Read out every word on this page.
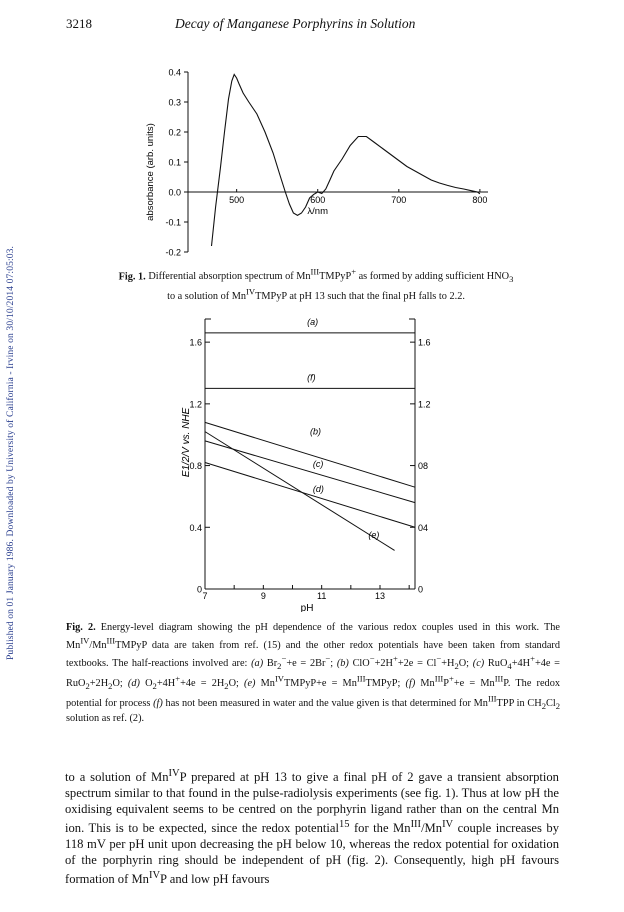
Published on 01 January 1986. Downloaded by University of California - Irvine on 30/10/2014 07:05:03.
3218	Decay of Manganese Porphyrins in Solution
0.4
0.3
0.2
0.1
0.0
-0.1
-0.2
500	600	700	800
λ/nm
absorbance (arb. units)
Fig. 1. Differential absorption spectrum of $Mn^{III}TMPyP^+$ as formed by adding sufficient $HNO_3$
to a solution of $Mn^{IV}TMPyP$ at pH 13 such that the final pH falls to 2.2.
1.6	1.6
1.2	1.2
0.8	08
0.4	04
0	0
7	9	11	13
pH
E1/2/V vs. NHE
(a)
(f)
(b)
(c)
(d)
(e)
Fig. 2. Energy-level diagram showing the pH dependence of the various redox couples used in this work. The $Mn^{IV}/Mn^{III}TMPyP$ data are taken from ref. (15) and the other redox potentials have been taken from standard textbooks. The half-reactions involved are: (a) $Br_2^-+e = 2Br^-$; (b) $ClO^-+2H^++2e = Cl^-+H_2O$; (c) $RuO_4+4H^++4e = RuO_2+2H_2O$; (d) $O_2+4H^++4e = 2H_2O$; (e) $Mn^{IV}TMPyP+e$ = $Mn^{III}TMPyP$; (f) $Mn^{III}P^++e = Mn^{III}P$. The redox potential for process (f) has not been measured in water and the value given is that determined for $Mn^{III}TPP$ in $CH_2Cl_2$ solution as ref. (2).
to a solution of $Mn^{IV}P$ prepared at pH 13 to give a final pH of 2 gave a transient absorption spectrum similar to that found in the pulse-radiolysis experiments (see fig. 1). Thus at low pH the oxidising equivalent seems to be centred on the porphyrin ligand rather than on the central Mn ion. This is to be expected, since the redox potential$^{15}$ for the $Mn^{III}/Mn^{IV}$ couple increases by 118 mV per pH unit upon decreasing the pH below 10, whereas the redox potential for oxidation of the porphyrin ring should be independent of pH (fig. 2). Consequently, high pH favours formation of $Mn^{IV}P$ and low pH favours
